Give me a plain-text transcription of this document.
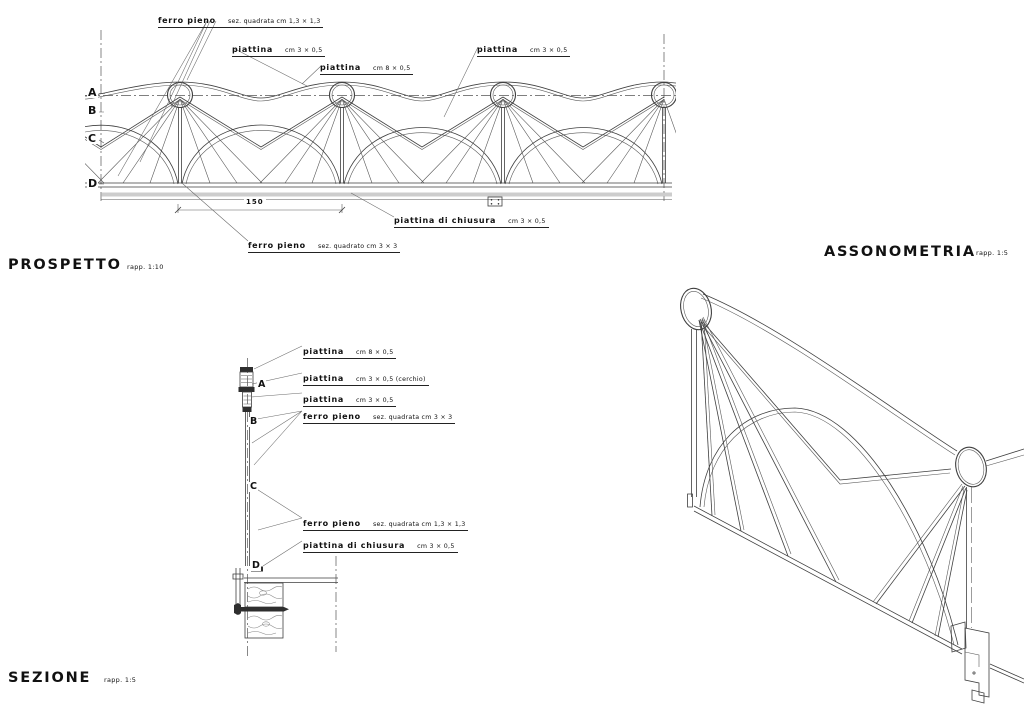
ferro pieno sez. quadrata cm 1,3 × 1,3
piattina cm 3 × 0,5
piattina cm 8 × 0,5
piattina cm 3 × 0,5
piattina di chiusura cm 3 × 0,5
ferro pieno sez. quadrato cm 3 × 3
A
B
C
D
150
PROSPETTO rapp. 1:10
piattina cm 8 × 0,5
piattina cm 3 × 0,5 (cerchio)
piattina cm 3 × 0,5
ferro pieno sez. quadrata cm 3 × 3
ferro pieno sez. quadrata cm 1,3 × 1,3
piattina di chiusura cm 3 × 0,5
A
B
C
D
SEZIONE rapp. 1:5
ASSONOMETRIA rapp. 1:5
